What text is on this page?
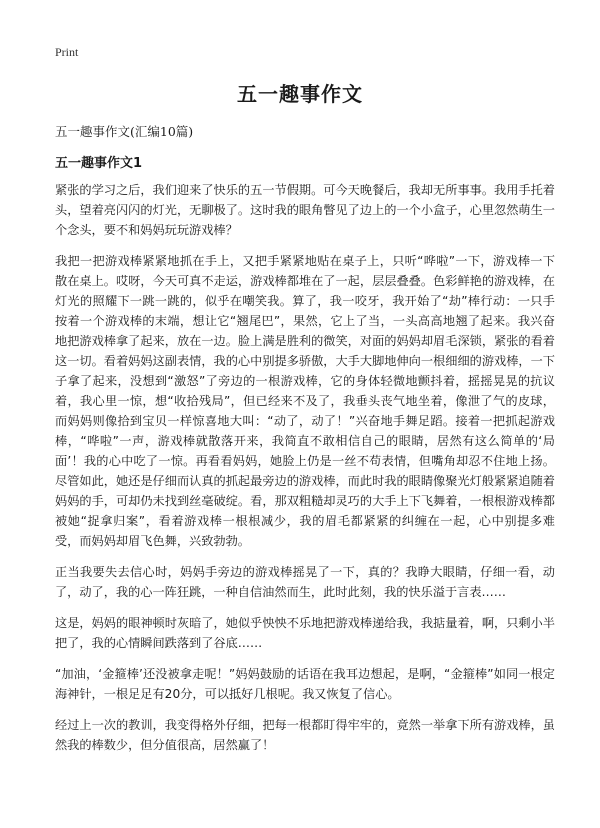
Print
五一趣事作文
五一趣事作文(汇编10篇)
五一趣事作文1

紧张的学习之后，我们迎来了快乐的五一节假期。可今天晚餐后，我却无所事事。我用手托着头，望着亮闪闪的灯光，无聊极了。这时我的眼角瞥见了边上的一个小盒子，心里忽然萌生一个念头，要不和妈妈玩玩游戏棒？

我把一把游戏棒紧紧地抓在手上，又把手紧紧地贴在桌子上，只听“哗啦”一下，游戏棒一下散在桌上。哎呀，今天可真不走运，游戏棒都堆在了一起，层层叠叠。色彩鲜艳的游戏棒，在灯光的照耀下一跳一跳的，似乎在嘲笑我。算了，我一咬牙，我开始了“劫”棒行动：一只手按着一个游戏棒的末端，想让它“翘尾巴”，果然，它上了当，一头高高地翘了起来。我兴奋地把游戏棒拿了起来，放在一边。脸上满是胜利的微笑，对面的妈妈却眉毛深锁，紧张的看着这一切。看着妈妈这副表情，我的心中别提多骄傲，大手大脚地伸向一根细细的游戏棒，一下子拿了起来，没想到“激怒”了旁边的一根游戏棒，它的身体轻微地颤抖着，摇摇晃晃的抗议着，我心里一惊，想“收拾残局”，但已经来不及了，我垂头丧气地坐着，像泄了气的皮球，而妈妈则像拾到宝贝一样惊喜地大叫：“动了，动了！”兴奋地手舞足蹈。接着一把抓起游戏棒，“哗啦”一声，游戏棒就散落开来，我简直不敢相信自己的眼睛，居然有这么简单的‘局面’！我的心中吃了一惊。再看看妈妈，她脸上仍是一丝不苟表情，但嘴角却忍不住地上扬。尽管如此，她还是仔细而认真的抓起最旁边的游戏棒，而此时我的眼睛像聚光灯般紧紧追随着妈妈的手，可却仍未找到丝毫破绽。看，那双粗糙却灵巧的大手上下飞舞着，一根根游戏棒都被她“捉拿归案”，看着游戏棒一根根减少，我的眉毛都紧紧的纠缠在一起，心中别提多难受，而妈妈却眉飞色舞，兴致勃勃。

正当我要失去信心时，妈妈手旁边的游戏棒摇晃了一下，真的？我睁大眼睛，仔细一看，动了，动了，我的心一阵狂跳，一种自信油然而生，此时此刻，我的快乐溢于言表……

这是，妈妈的眼神顿时灰暗了，她似乎怏怏不乐地把游戏棒递给我，我掂量着，啊，只剩小半把了，我的心情瞬间跌落到了谷底……

“加油，‘金箍棒’还没被拿走呢！”妈妈鼓励的话语在我耳边想起，是啊，“金箍棒”如同一根定海神针，一根足足有20分，可以抵好几根呢。我又恢复了信心。

经过上一次的教训，我变得格外仔细，把每一根都盯得牢牢的，竟然一举拿下所有游戏棒，虽然我的棒数少，但分值很高，居然赢了！
